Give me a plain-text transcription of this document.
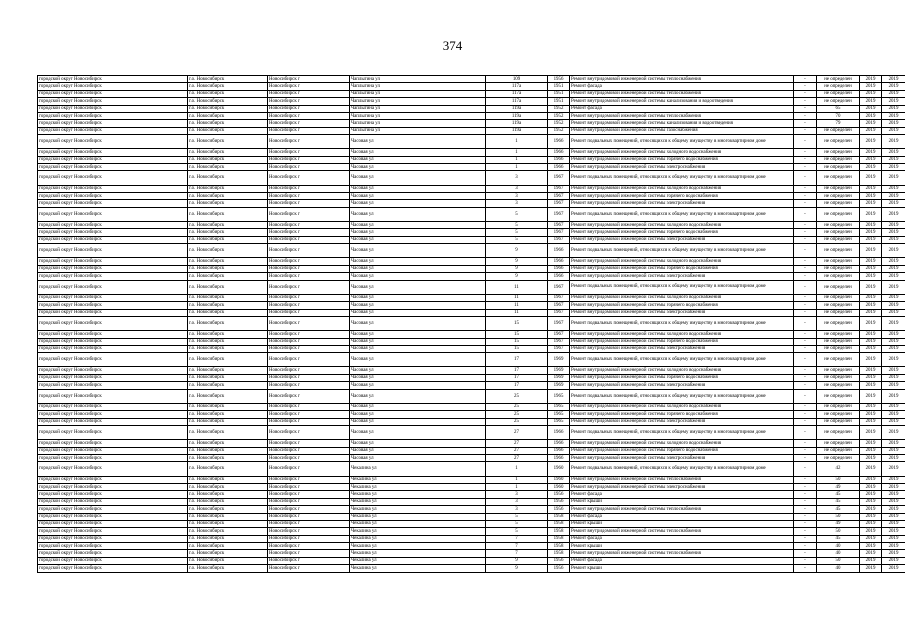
374
городской округ Новосибирск	г.о. Новосибирск	Новосибирск г	Чаплыгина ул	109	1956	Ремонт внутридомовой инженерной системы теплоснабжения	-	не определен	2019	2019
городской округ Новосибирск	г.о. Новосибирск	Новосибирск г	Чаплыгина ул	117а	1951	Ремонт фасада	-	не определен	2019	2019
городской округ Новосибирск	г.о. Новосибирск	Новосибирск г	Чаплыгина ул	117а	1951	Ремонт внутридомовой инженерной системы теплоснабжения	-	не определен	2019	2019
городской округ Новосибирск	г.о. Новосибирск	Новосибирск г	Чаплыгина ул	117а	1951	Ремонт внутридомовой инженерной системы канализования и водоотведения	-	не определен	2019	2019
городской округ Новосибирск	г.о. Новосибирск	Новосибирск г	Чаплыгина ул	119а	1952	Ремонт фасада	-	65	2019	2019
городской округ Новосибирск	г.о. Новосибирск	Новосибирск г	Чаплыгина ул	119а	1952	Ремонт внутридомовой инженерной системы теплоснабжения	-	70	2019	2019
городской округ Новосибирск	г.о. Новосибирск	Новосибирск г	Чаплыгина ул	119а	1952	Ремонт внутридомовой инженерной системы канализования и водоотведения	-	79	2019	2019
городской округ Новосибирск	г.о. Новосибирск	Новосибирск г	Чаплыгина ул	119а	1952	Ремонт внутридомовой инженерной системы газоснабжения	-	не определен	2019	2019
городской округ Новосибирск	г.о. Новосибирск	Новосибирск г	Часовая ул	1	1966	Ремонт подвальных помещений, относящихся к общему имуществу в многоквартирном доме	-	не определен	2019	2019
городской округ Новосибирск	г.о. Новосибирск	Новосибирск г	Часовая ул	1	1966	Ремонт внутридомовой инженерной системы холодного водоснабжения	-	не определен	2019	2019
городской округ Новосибирск	г.о. Новосибирск	Новосибирск г	Часовая ул	1	1966	Ремонт внутридомовой инженерной системы горячего водоснабжения	-	не определен	2019	2019
городской округ Новосибирск	г.о. Новосибирск	Новосибирск г	Часовая ул	1	1966	Ремонт внутридомовой инженерной системы электроснабжения	-	не определен	2019	2019
городской округ Новосибирск	г.о. Новосибирск	Новосибирск г	Часовая ул	3	1967	Ремонт подвальных помещений, относящихся к общему имуществу в многоквартирном доме	-	не определен	2019	2019
городской округ Новосибирск	г.о. Новосибирск	Новосибирск г	Часовая ул	3	1967	Ремонт внутридомовой инженерной системы холодного водоснабжения	-	не определен	2019	2019
городской округ Новосибирск	г.о. Новосибирск	Новосибирск г	Часовая ул	3	1967	Ремонт внутридомовой инженерной системы горячего водоснабжения	-	не определен	2019	2019
городской округ Новосибирск	г.о. Новосибирск	Новосибирск г	Часовая ул	3	1967	Ремонт внутридомовой инженерной системы электроснабжения	-	не определен	2019	2019
городской округ Новосибирск	г.о. Новосибирск	Новосибирск г	Часовая ул	5	1967	Ремонт подвальных помещений, относящихся к общему имуществу в многоквартирном доме	-	не определен	2019	2019
городской округ Новосибирск	г.о. Новосибирск	Новосибирск г	Часовая ул	5	1967	Ремонт внутридомовой инженерной системы холодного водоснабжения	-	не определен	2019	2019
городской округ Новосибирск	г.о. Новосибирск	Новосибирск г	Часовая ул	5	1967	Ремонт внутридомовой инженерной системы горячего водоснабжения	-	не определен	2019	2019
городской округ Новосибирск	г.о. Новосибирск	Новосибирск г	Часовая ул	5	1967	Ремонт внутридомовой инженерной системы электроснабжения	-	не определен	2019	2019
городской округ Новосибирск	г.о. Новосибирск	Новосибирск г	Часовая ул	9	1966	Ремонт подвальных помещений, относящихся к общему имуществу в многоквартирном доме	-	не определен	2019	2019
городской округ Новосибирск	г.о. Новосибирск	Новосибирск г	Часовая ул	9	1966	Ремонт внутридомовой инженерной системы холодного водоснабжения	-	не определен	2019	2019
городской округ Новосибирск	г.о. Новосибирск	Новосибирск г	Часовая ул	9	1966	Ремонт внутридомовой инженерной системы горячего водоснабжения	-	не определен	2019	2019
городской округ Новосибирск	г.о. Новосибирск	Новосибирск г	Часовая ул	9	1966	Ремонт внутридомовой инженерной системы электроснабжения	-	не определен	2019	2019
городской округ Новосибирск	г.о. Новосибирск	Новосибирск г	Часовая ул	11	1967	Ремонт подвальных помещений, относящихся к общему имуществу в многоквартирном доме	-	не определен	2019	2019
городской округ Новосибирск	г.о. Новосибирск	Новосибирск г	Часовая ул	11	1967	Ремонт внутридомовой инженерной системы холодного водоснабжения	-	не определен	2019	2019
городской округ Новосибирск	г.о. Новосибирск	Новосибирск г	Часовая ул	11	1967	Ремонт внутридомовой инженерной системы горячего водоснабжения	-	не определен	2019	2019
городской округ Новосибирск	г.о. Новосибирск	Новосибирск г	Часовая ул	11	1967	Ремонт внутридомовой инженерной системы электроснабжения	-	не определен	2019	2019
городской округ Новосибирск	г.о. Новосибирск	Новосибирск г	Часовая ул	15	1967	Ремонт подвальных помещений, относящихся к общему имуществу в многоквартирном доме	-	не определен	2019	2019
городской округ Новосибирск	г.о. Новосибирск	Новосибирск г	Часовая ул	15	1967	Ремонт внутридомовой инженерной системы холодного водоснабжения	-	не определен	2019	2019
городской округ Новосибирск	г.о. Новосибирск	Новосибирск г	Часовая ул	15	1967	Ремонт внутридомовой инженерной системы горячего водоснабжения	-	не определен	2019	2019
городской округ Новосибирск	г.о. Новосибирск	Новосибирск г	Часовая ул	15	1967	Ремонт внутридомовой инженерной системы электроснабжения	-	не определен	2019	2019
городской округ Новосибирск	г.о. Новосибирск	Новосибирск г	Часовая ул	17	1969	Ремонт подвальных помещений, относящихся к общему имуществу в многоквартирном доме	-	не определен	2019	2019
городской округ Новосибирск	г.о. Новосибирск	Новосибирск г	Часовая ул	17	1969	Ремонт внутридомовой инженерной системы холодного водоснабжения	-	не определен	2019	2019
городской округ Новосибирск	г.о. Новосибирск	Новосибирск г	Часовая ул	17	1969	Ремонт внутридомовой инженерной системы горячего водоснабжения	-	не определен	2019	2019
городской округ Новосибирск	г.о. Новосибирск	Новосибирск г	Часовая ул	17	1969	Ремонт внутридомовой инженерной системы электроснабжения	-	не определен	2019	2019
городской округ Новосибирск	г.о. Новосибирск	Новосибирск г	Часовая ул	25	1965	Ремонт подвальных помещений, относящихся к общему имуществу в многоквартирном доме	-	не определен	2019	2019
городской округ Новосибирск	г.о. Новосибирск	Новосибирск г	Часовая ул	25	1965	Ремонт внутридомовой инженерной системы холодного водоснабжения	-	не определен	2019	2019
городской округ Новосибирск	г.о. Новосибирск	Новосибирск г	Часовая ул	25	1965	Ремонт внутридомовой инженерной системы горячего водоснабжения	-	не определен	2019	2019
городской округ Новосибирск	г.о. Новосибирск	Новосибирск г	Часовая ул	25	1965	Ремонт внутридомовой инженерной системы электроснабжения	-	не определен	2019	2019
городской округ Новосибирск	г.о. Новосибирск	Новосибирск г	Часовая ул	27	1966	Ремонт подвальных помещений, относящихся к общему имуществу в многоквартирном доме	-	не определен	2019	2019
городской округ Новосибирск	г.о. Новосибирск	Новосибирск г	Часовая ул	27	1966	Ремонт внутридомовой инженерной системы холодного водоснабжения	-	не определен	2019	2019
городской округ Новосибирск	г.о. Новосибирск	Новосибирск г	Часовая ул	27	1966	Ремонт внутридомовой инженерной системы горячего водоснабжения	-	не определен	2019	2019
городской округ Новосибирск	г.о. Новосибирск	Новосибирск г	Часовая ул	27	1966	Ремонт внутридомовой инженерной системы электроснабжения	-	не определен	2019	2019
городской округ Новосибирск	г.о. Новосибирск	Новосибирск г	Чекалина ул	1	1960	Ремонт подвальных помещений, относящихся к общему имуществу в многоквартирном доме	-	42	2019	2019
городской округ Новосибирск	г.о. Новосибирск	Новосибирск г	Чекалина ул	1	1960	Ремонт внутридомовой инженерной системы теплоснабжения	-	50	2019	2019
городской округ Новосибирск	г.о. Новосибирск	Новосибирск г	Чекалина ул	1	1960	Ремонт внутридомовой инженерной системы электроснабжения	-	49	2019	2019
городской округ Новосибирск	г.о. Новосибирск	Новосибирск г	Чекалина ул	3	1956	Ремонт фасада	-	45	2019	2019
городской округ Новосибирск	г.о. Новосибирск	Новосибирск г	Чекалина ул	3	1956	Ремонт крыши	-	45	2019	2019
городской округ Новосибирск	г.о. Новосибирск	Новосибирск г	Чекалина ул	3	1956	Ремонт внутридомовой инженерной системы теплоснабжения	-	45	2019	2019
городской округ Новосибирск	г.о. Новосибирск	Новосибирск г	Чекалина ул	5	1958	Ремонт фасада	-	50	2019	2019
городской округ Новосибирск	г.о. Новосибирск	Новосибирск г	Чекалина ул	5	1958	Ремонт крыши	-	49	2019	2019
городской округ Новосибирск	г.о. Новосибирск	Новосибирск г	Чекалина ул	5	1958	Ремонт внутридомовой инженерной системы теплоснабжения	-	50	2019	2019
городской округ Новосибирск	г.о. Новосибирск	Новосибирск г	Чекалина ул	7	1958	Ремонт фасада	-	45	2019	2019
городской округ Новосибирск	г.о. Новосибирск	Новосибирск г	Чекалина ул	7	1958	Ремонт крыши	-	40	2019	2019
городской округ Новосибирск	г.о. Новосибирск	Новосибирск г	Чекалина ул	7	1958	Ремонт внутридомовой инженерной системы теплоснабжения	-	40	2019	2019
городской округ Новосибирск	г.о. Новосибирск	Новосибирск г	Чекалина ул	9	1956	Ремонт фасада	-	50	2019	2019
городской округ Новосибирск	г.о. Новосибирск	Новосибирск г	Чекалина ул	9	1956	Ремонт крыши	-	40	2019	2019
